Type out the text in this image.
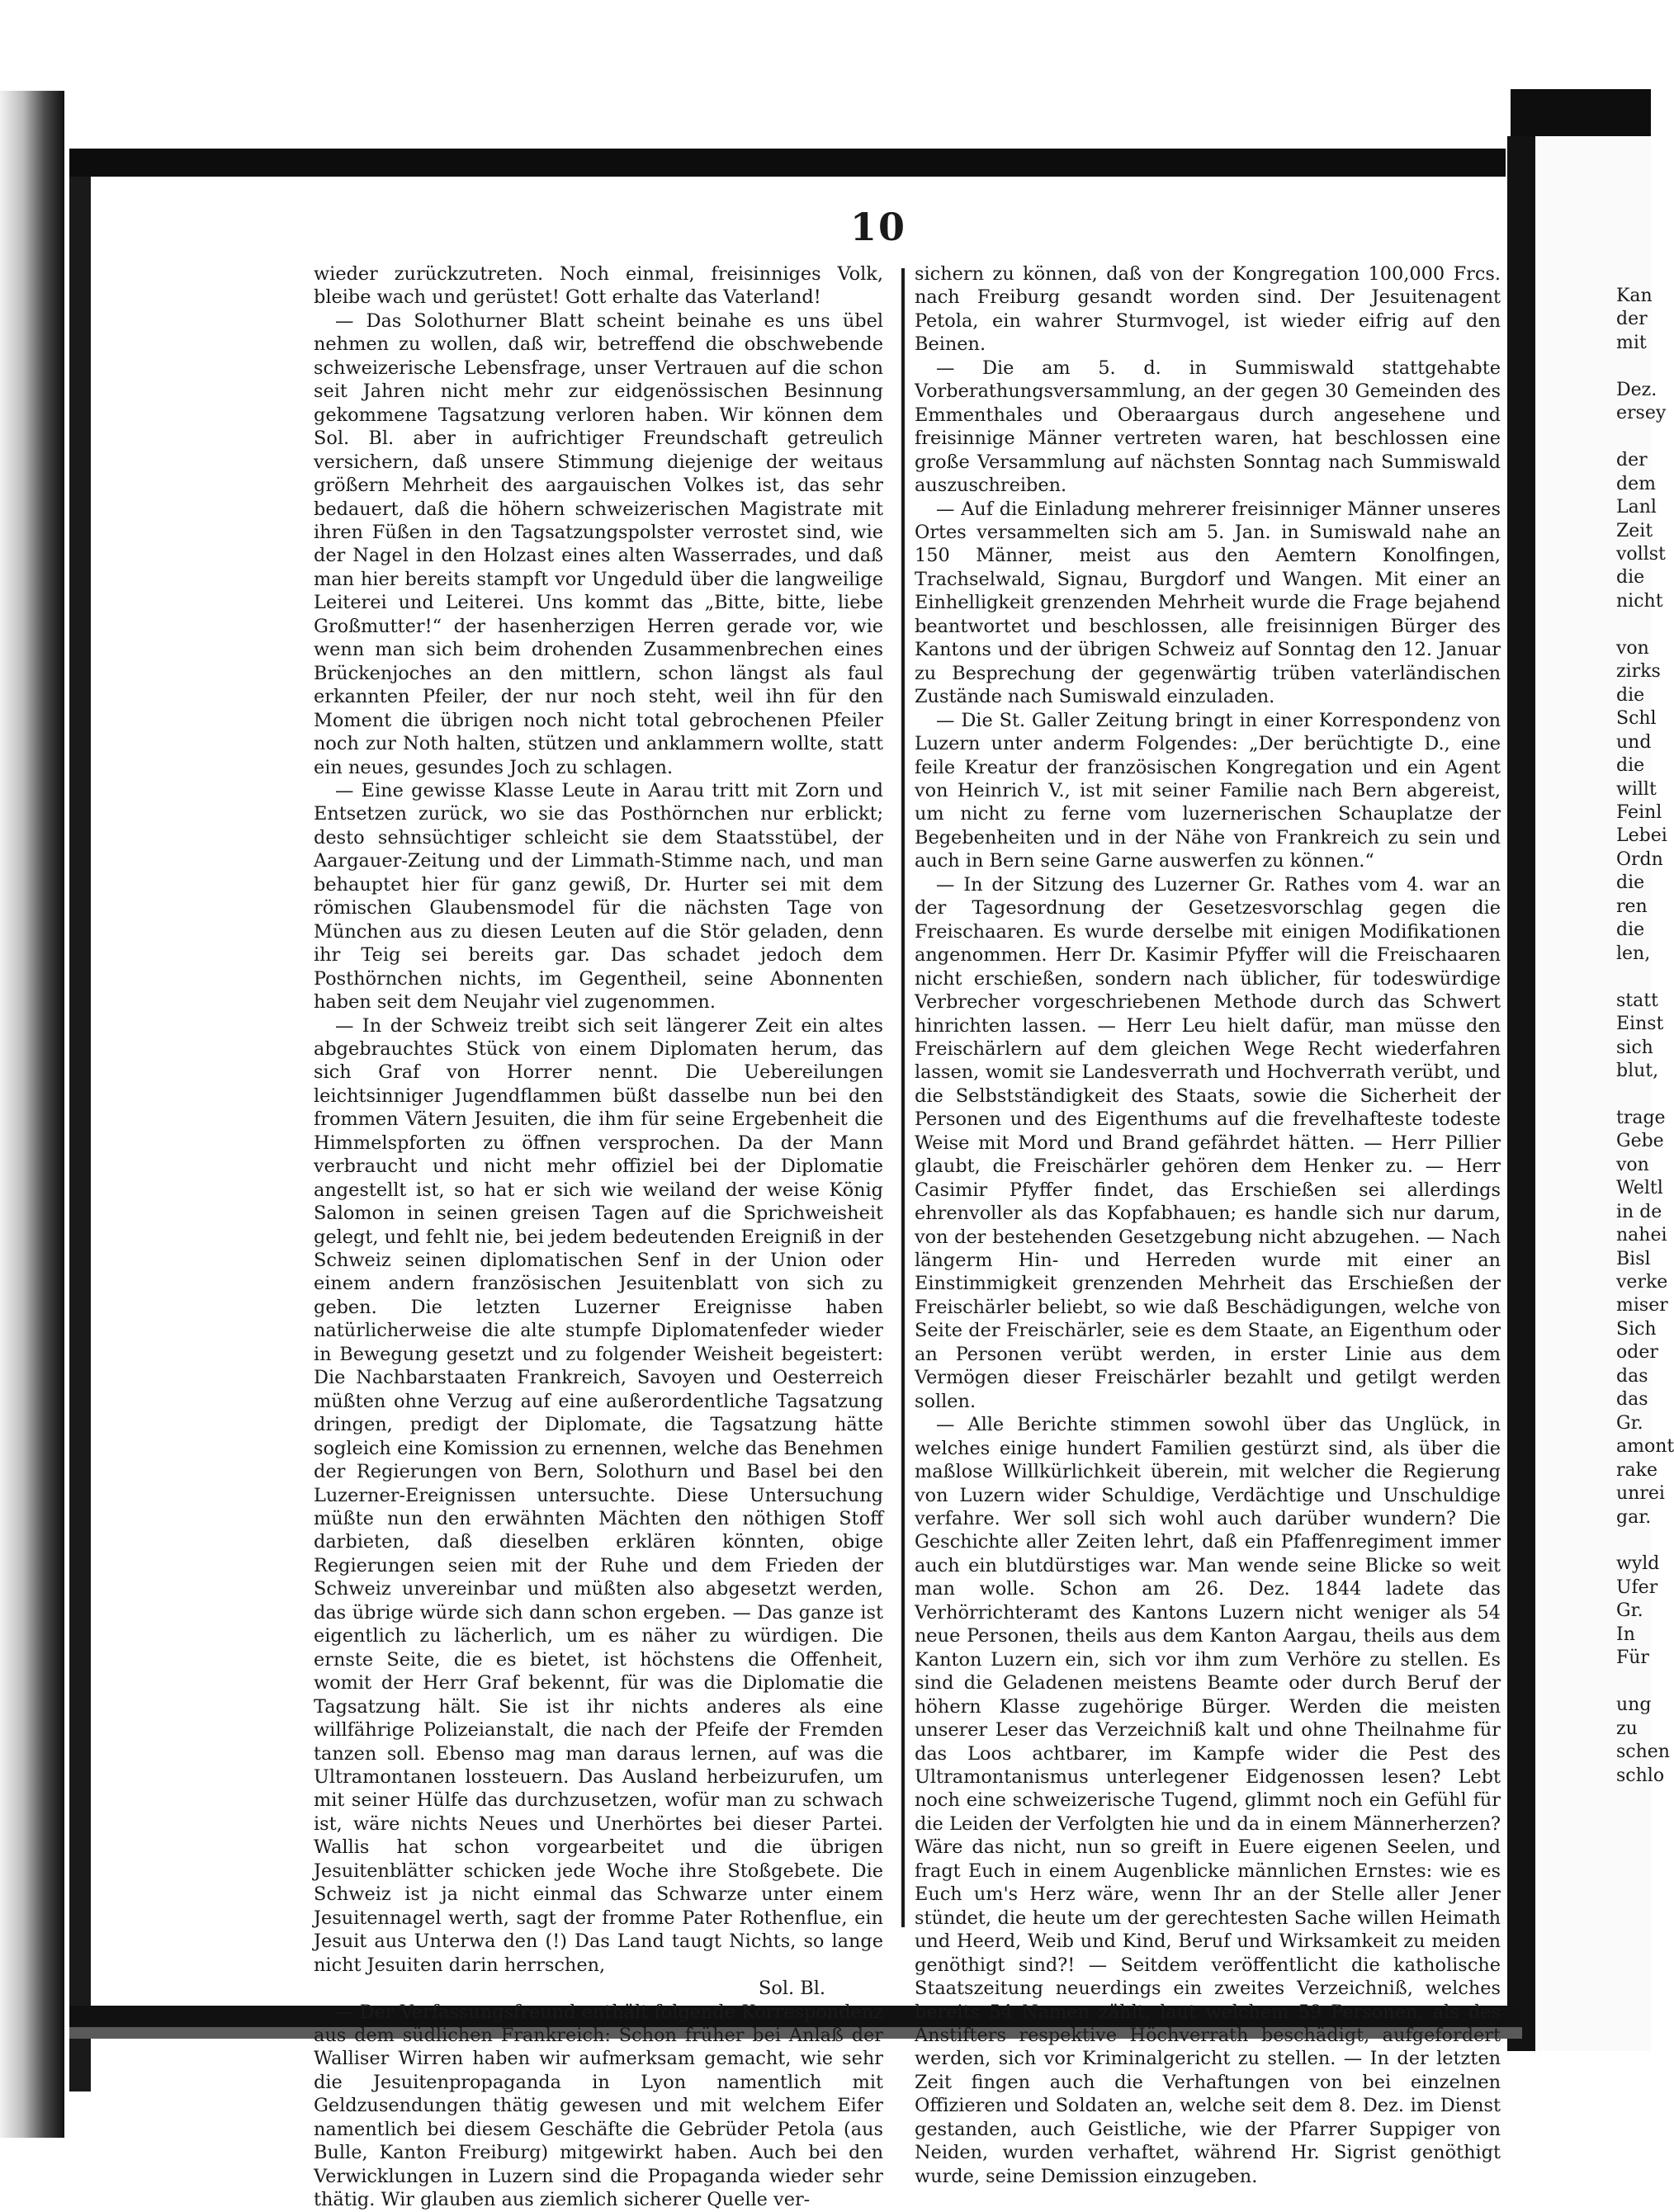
10

wieder zurückzutreten. Noch einmal, freisinniges Volk, bleibe wach und gerüstet! Gott erhalte das Vaterland!

— Das Solothurner Blatt scheint beinahe es uns übel nehmen zu wollen, daß wir, betreffend die obschwebende schweizerische Lebensfrage, unser Vertrauen auf die schon seit Jahren nicht mehr zur eidgenössischen Besinnung gekommene Tagsatzung verloren haben. Wir können dem Sol. Bl. aber in aufrichtiger Freundschaft getreulich versichern, daß unsere Stimmung diejenige der weitaus größern Mehrheit des aargauischen Volkes ist, das sehr bedauert, daß die höhern schweizerischen Magistrate mit ihren Füßen in den Tagsatzungspolster verrostet sind, wie der Nagel in den Holzast eines alten Wasserrades, und daß man hier bereits stampft vor Ungeduld über die langweilige Leiterei und Leiterei. Uns kommt das „Bitte, bitte, liebe Großmutter!“ der hasenherzigen Herren gerade vor, wie wenn man sich beim drohenden Zusammenbrechen eines Brückenjoches an den mittlern, schon längst als faul erkannten Pfeiler, der nur noch steht, weil ihn für den Moment die übrigen noch nicht total gebrochenen Pfeiler noch zur Noth halten, stützen und anklammern wollte, statt ein neues, gesundes Joch zu schlagen.

— Eine gewisse Klasse Leute in Aarau tritt mit Zorn und Entsetzen zurück, wo sie das Posthörnchen nur erblickt; desto sehnsüchtiger schleicht sie dem Staatsstübel, der Aargauer-Zeitung und der Limmath-Stimme nach, und man behauptet hier für ganz gewiß, Dr. Hurter sei mit dem römischen Glaubensmodel für die nächsten Tage von München aus zu diesen Leuten auf die Stör geladen, denn ihr Teig sei bereits gar. Das schadet jedoch dem Posthörnchen nichts, im Gegentheil, seine Abonnenten haben seit dem Neujahr viel zugenommen.

— In der Schweiz treibt sich seit längerer Zeit ein altes abgebrauchtes Stück von einem Diplomaten herum, das sich Graf von Horrer nennt. Die Uebereilungen leichtsinniger Jugendflammen büßt dasselbe nun bei den frommen Vätern Jesuiten, die ihm für seine Ergebenheit die Himmelspforten zu öffnen versprochen. Da der Mann verbraucht und nicht mehr offiziel bei der Diplomatie angestellt ist, so hat er sich wie weiland der weise König Salomon in seinen greisen Tagen auf die Sprichweisheit gelegt, und fehlt nie, bei jedem bedeutenden Ereigniß in der Schweiz seinen diplomatischen Senf in der Union oder einem andern französischen Jesuitenblatt von sich zu geben. Die letzten Luzerner Ereignisse haben natürlicherweise die alte stumpfe Diplomatenfeder wieder in Bewegung gesetzt und zu folgender Weisheit begeistert: Die Nachbarstaaten Frankreich, Savoyen und Oesterreich müßten ohne Verzug auf eine außerordentliche Tagsatzung dringen, predigt der Diplomate, die Tagsatzung hätte sogleich eine Komission zu ernennen, welche das Benehmen der Regierungen von Bern, Solothurn und Basel bei den Luzerner-Ereignissen untersuchte. Diese Untersuchung müßte nun den erwähnten Mächten den nöthigen Stoff darbieten, daß dieselben erklären könnten, obige Regierungen seien mit der Ruhe und dem Frieden der Schweiz unvereinbar und müßten also abgesetzt werden, das übrige würde sich dann schon ergeben. — Das ganze ist eigentlich zu lächerlich, um es näher zu würdigen. Die ernste Seite, die es bietet, ist höchstens die Offenheit, womit der Herr Graf bekennt, für was die Diplomatie die Tagsatzung hält. Sie ist ihr nichts anderes als eine willfährige Polizeianstalt, die nach der Pfeife der Fremden tanzen soll. Ebenso mag man daraus lernen, auf was die Ultramontanen lossteuern. Das Ausland herbeizurufen, um mit seiner Hülfe das durchzusetzen, wofür man zu schwach ist, wäre nichts Neues und Unerhörtes bei dieser Partei. Wallis hat schon vorgearbeitet und die übrigen Jesuitenblätter schicken jede Woche ihre Stoßgebete. Die Schweiz ist ja nicht einmal das Schwarze unter einem Jesuitennagel werth, sagt der fromme Pater Rothenflue, ein Jesuit aus Unterwa den (!) Das Land taugt Nichts, so lange nicht Jesuiten darin herrschen,

Sol. Bl.

— Der Verfassungsfreund enthält folgende Korrespondenz aus dem südlichen Frankreich: Schon früher bei Anlaß der Walliser Wirren haben wir aufmerksam gemacht, wie sehr die Jesuitenpropaganda in Lyon namentlich mit Geldzusendungen thätig gewesen und mit welchem Eifer namentlich bei diesem Geschäfte die Gebrüder Petola (aus Bulle, Kanton Freiburg) mitgewirkt haben. Auch bei den Verwicklungen in Luzern sind die Propaganda wieder sehr thätig. Wir glauben aus ziemlich sicherer Quelle ver-

sichern zu können, daß von der Kongregation 100,000 Frcs. nach Freiburg gesandt worden sind. Der Jesuitenagent Petola, ein wahrer Sturmvogel, ist wieder eifrig auf den Beinen.

— Die am 5. d. in Summiswald stattgehabte Vorberathungsversammlung, an der gegen 30 Gemeinden des Emmenthales und Oberaargaus durch angesehene und freisinnige Männer vertreten waren, hat beschlossen eine große Versammlung auf nächsten Sonntag nach Summiswald auszuschreiben.

— Auf die Einladung mehrerer freisinniger Männer unseres Ortes versammelten sich am 5. Jan. in Sumiswald nahe an 150 Männer, meist aus den Aemtern Konolfingen, Trachselwald, Signau, Burgdorf und Wangen. Mit einer an Einhelligkeit grenzenden Mehrheit wurde die Frage bejahend beantwortet und beschlossen, alle freisinnigen Bürger des Kantons und der übrigen Schweiz auf Sonntag den 12. Januar zu Besprechung der gegenwärtig trüben vaterländischen Zustände nach Sumiswald einzuladen.

— Die St. Galler Zeitung bringt in einer Korrespondenz von Luzern unter anderm Folgendes: „Der berüchtigte D., eine feile Kreatur der französischen Kongregation und ein Agent von Heinrich V., ist mit seiner Familie nach Bern abgereist, um nicht zu ferne vom luzernerischen Schauplatze der Begebenheiten und in der Nähe von Frankreich zu sein und auch in Bern seine Garne auswerfen zu können.“

— In der Sitzung des Luzerner Gr. Rathes vom 4. war an der Tagesordnung der Gesetzesvorschlag gegen die Freischaaren. Es wurde derselbe mit einigen Modifikationen angenommen. Herr Dr. Kasimir Pfyffer will die Freischaaren nicht erschießen, sondern nach üblicher, für todeswürdige Verbrecher vorgeschriebenen Methode durch das Schwert hinrichten lassen. — Herr Leu hielt dafür, man müsse den Freischärlern auf dem gleichen Wege Recht wiederfahren lassen, womit sie Landesverrath und Hochverrath verübt, und die Selbstständigkeit des Staats, sowie die Sicherheit der Personen und des Eigenthums auf die frevelhafteste todeste Weise mit Mord und Brand gefährdet hätten. — Herr Pillier glaubt, die Freischärler gehören dem Henker zu. — Herr Casimir Pfyffer findet, das Erschießen sei allerdings ehrenvoller als das Kopfabhauen; es handle sich nur darum, von der bestehenden Gesetzgebung nicht abzugehen. — Nach längerm Hin- und Herreden wurde mit einer an Einstimmigkeit grenzenden Mehrheit das Erschießen der Freischärler beliebt, so wie daß Beschädigungen, welche von Seite der Freischärler, seie es dem Staate, an Eigenthum oder an Personen verübt werden, in erster Linie aus dem Vermögen dieser Freischärler bezahlt und getilgt werden sollen.

— Alle Berichte stimmen sowohl über das Unglück, in welches einige hundert Familien gestürzt sind, als über die maßlose Willkürlichkeit überein, mit welcher die Regierung von Luzern wider Schuldige, Verdächtige und Unschuldige verfahre. Wer soll sich wohl auch darüber wundern? Die Geschichte aller Zeiten lehrt, daß ein Pfaffenregiment immer auch ein blutdürstiges war. Man wende seine Blicke so weit man wolle. Schon am 26. Dez. 1844 ladete das Verhörrichteramt des Kantons Luzern nicht weniger als 54 neue Personen, theils aus dem Kanton Aargau, theils aus dem Kanton Luzern ein, sich vor ihm zum Verhöre zu stellen. Es sind die Geladenen meistens Beamte oder durch Beruf der höhern Klasse zugehörige Bürger. Werden die meisten unserer Leser das Verzeichniß kalt und ohne Theilnahme für das Loos achtbarer, im Kampfe wider die Pest des Ultramontanismus unterlegener Eidgenossen lesen? Lebt noch eine schweizerische Tugend, glimmt noch ein Gefühl für die Leiden der Verfolgten hie und da in einem Männerherzen? Wäre das nicht, nun so greift in Euere eigenen Seelen, und fragt Euch in einem Augenblicke männlichen Ernstes: wie es Euch um's Herz wäre, wenn Ihr an der Stelle aller Jener stündet, die heute um der gerechtesten Sache willen Heimath und Heerd, Weib und Kind, Beruf und Wirksamkeit zu meiden genöthigt sind?! — Seitdem veröffentlicht die katholische Staatszeitung neuerdings ein zweites Verzeichniß, welches bereits 54 Namen zählt, laut welchem 59 Personen, als des Anstifters respektive Höchverrath beschädigt, aufgefordert werden, sich vor Kriminalgericht zu stellen. — In der letzten Zeit fingen auch die Verhaftungen von bei einzelnen Offizieren und Soldaten an, welche seit dem 8. Dez. im Dienst gestanden, auch Geistliche, wie der Pfarrer Suppiger von Neiden, wurden verhaftet, während Hr. Sigrist genöthigt wurde, seine Demission einzugeben.

Kan
der
mit

Dez.
ersey

der
dem
Lanl
Zeit
vollst
die
nicht

von
zirks
die
Schl
und
die
willt
Feinl
Lebei
Ordn
die
ren
die
len,

statt
Einst
sich
blut,

trage
Gebe
von
Weltl
in de
nahei
Bisl
verke
miser
Sich
oder
das
das
Gr.
amont
rake
unrei
gar.

wyld
Ufer
Gr.
In
Für

ung
zu
schen
schlo
